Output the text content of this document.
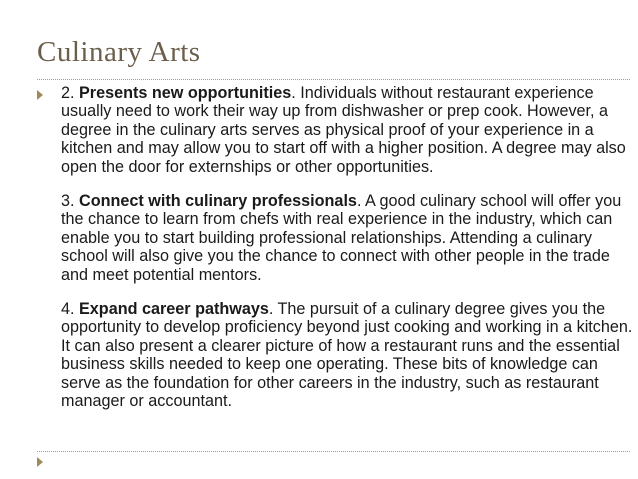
Culinary Arts

2. Presents new opportunities. Individuals without restaurant experience usually need to work their way up from dishwasher or prep cook. However, a degree in the culinary arts serves as physical proof of your experience in a kitchen and may allow you to start off with a higher position. A degree may also open the door for externships or other opportunities.

3. Connect with culinary professionals. A good culinary school will offer you the chance to learn from chefs with real experience in the industry, which can enable you to start building professional relationships. Attending a culinary school will also give you the chance to connect with other people in the trade and meet potential mentors.

4. Expand career pathways. The pursuit of a culinary degree gives you the opportunity to develop proficiency beyond just cooking and working in a kitchen. It can also present a clearer picture of how a restaurant runs and the essential business skills needed to keep one operating. These bits of knowledge can serve as the foundation for other careers in the industry, such as restaurant manager or accountant.
